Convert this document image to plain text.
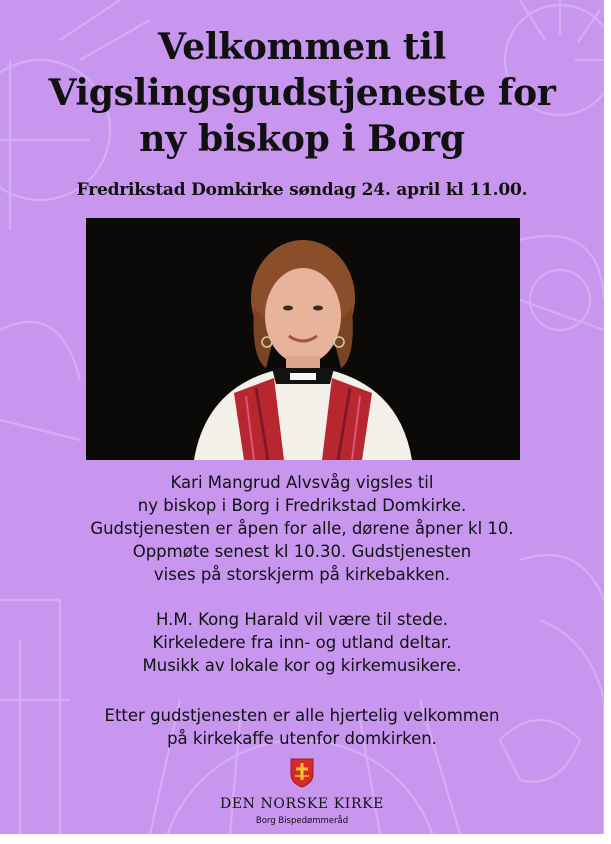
Velkommen til
Vigslingsgudstjeneste for
ny biskop i Borg
Fredrikstad Domkirke søndag 24. april kl 11.00.
Kari Mangrud Alvsvåg vigsles til
ny biskop i Borg i Fredrikstad Domkirke.
Gudstjenesten er åpen for alle, dørene åpner kl 10.
Oppmøte senest kl 10.30. Gudstjenesten
vises på storskjerm på kirkebakken.
H.M. Kong Harald vil være til stede.
Kirkeledere fra inn- og utland deltar.
Musikk av lokale kor og kirkemusikere.
Etter gudstjenesten er alle hjertelig velkommen
på kirkekaffe utenfor domkirken.
DEN NORSKE KIRKE
Borg Bispedømmeråd
